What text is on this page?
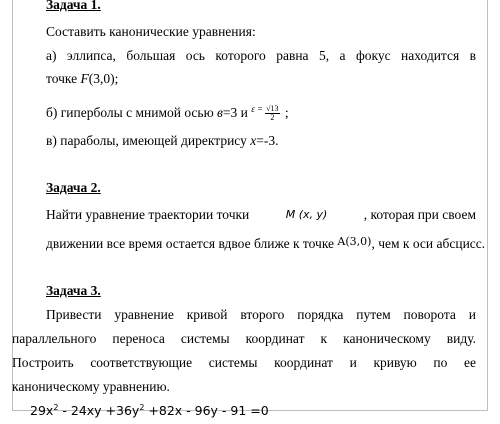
Задача 1.
Составить канонические уравнения:
а) эллипса, большая ось которого равна 5, а фокус находится в
точке F(3,0);
б) гиперболы с мнимой осью в=3 и $^{\varepsilon =} \frac{√13}{2}$ ;
в) параболы, имеющей директрису x=-3.
Задача 2.
Найти уравнение траектории точки	M (x, y)	, которая при своем
движении все время остается вдвое ближе к точке $^{A(3,0)}$, чем к оси абсцисс.
Задача 3.
Привести уравнение кривой второго порядка путем поворота и
параллельного переноса системы координат к каноническому виду.
Построить соответствующие системы координат и кривую по ее
каноническому уравнению.
$29x^2 - 24xy +36y^2 +82x - 96y - 91 =0$
